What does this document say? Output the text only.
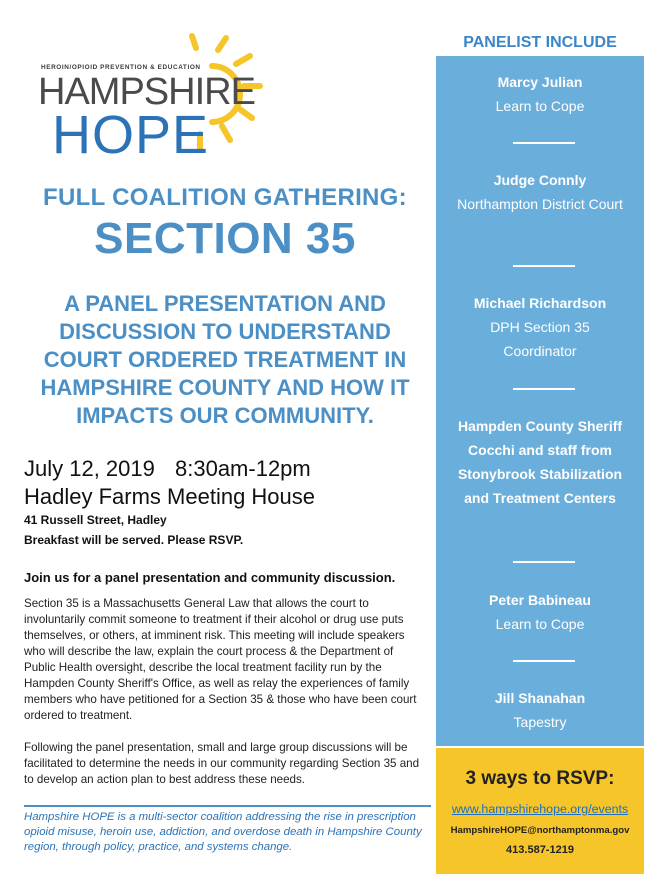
HEROIN/OPIOID PREVENTION & EDUCATION
HAMPSHIRE
HOPE
FULL COALITION GATHERING:
SECTION 35
A PANEL PRESENTATION AND
DISCUSSION TO UNDERSTAND
COURT ORDERED TREATMENT IN
HAMPSHIRE COUNTY AND HOW IT
IMPACTS OUR COMMUNITY.
July 12, 2019 8:30am-12pm
Hadley Farms Meeting House
41 Russell Street, Hadley
Breakfast will be served. Please RSVP.
Join us for a panel presentation and community discussion.
Section 35 is a Massachusetts General Law that allows the court to involuntarily commit someone to treatment if their alcohol or drug use puts themselves, or others, at imminent risk. This meeting will include speakers who will describe the law, explain the court process & the Department of Public Health oversight, describe the local treatment facility run by the Hampden County Sheriff's Office, as well as relay the experiences of family members who have petitioned for a Section 35 & those who have been court ordered to treatment.
Following the panel presentation, small and large group discussions will be facilitated to determine the needs in our community regarding Section 35 and to develop an action plan to best address these needs.
Hampshire HOPE is a multi-sector coalition addressing the rise in prescription opioid misuse, heroin use, addiction, and overdose death in Hampshire County region, through policy, practice, and systems change.
PANELIST INCLUDE
Marcy Julian
Learn to Cope
Judge Connly
Northampton District Court
Michael Richardson
DPH Section 35 Coordinator
Hampden County Sheriff Cocchi and staff from Stonybrook Stabilization and Treatment Centers
Peter Babineau
Learn to Cope
Jill Shanahan
Tapestry
3 ways to RSVP:
www.hampshirehope.org/events
HampshireHOPE@northamptonma.gov
413.587-1219
